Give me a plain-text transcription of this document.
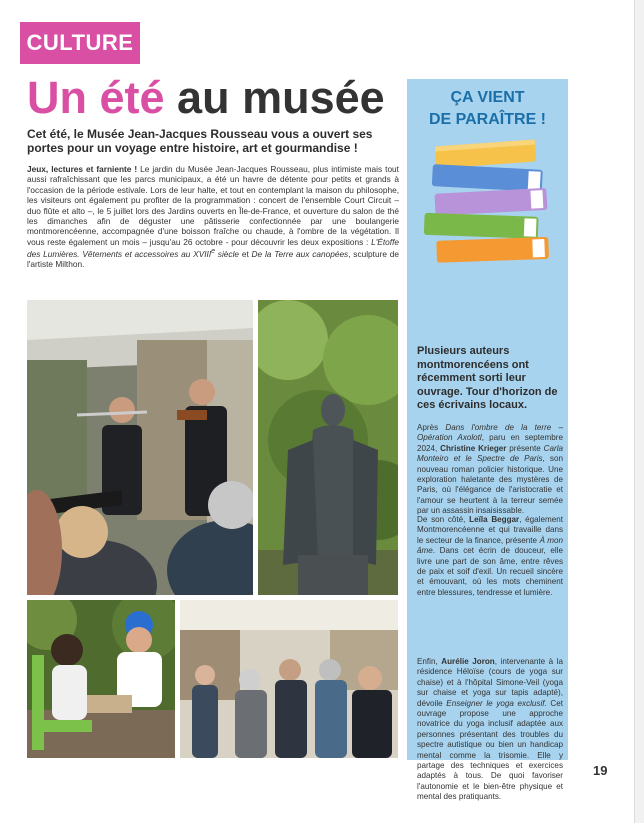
CULTURE
Un été au musée
Cet été, le Musée Jean-Jacques Rousseau vous a ouvert ses portes pour un voyage entre histoire, art et gourmandise !
Jeux, lectures et farniente ! Le jardin du Musée Jean-Jacques Rousseau, plus intimiste mais tout aussi rafraîchissant que les parcs municipaux, a été un havre de détente pour petits et grands à l'occasion de la période estivale. Lors de leur halte, et tout en contemplant la maison du philosophe, les visiteurs ont également pu profiter de la programmation : concert de l'ensemble Court Circuit – duo flûte et alto –, le 5 juillet lors des Jardins ouverts en Île-de-France, et ouverture du salon de thé les dimanches afin de déguster une pâtisserie confectionnée par une boulangerie montmorencéenne, accompagnée d'une boisson fraîche ou chaude, à l'ombre de la végétation. Il vous reste également un mois – jusqu'au 26 octobre - pour découvrir les deux expositions : L'Étoffe des Lumières. Vêtements et accessoires au XVIIIe siècle et De la Terre aux canopées, sculpture de l'artiste Milthon.
ÇA VIENT
DE PARAÎTRE !
Plusieurs auteurs montmorencéens ont récemment sorti leur ouvrage. Tour d'horizon de ces écrivains locaux.
Après Dans l'ombre de la terre – Opération Axolotl, paru en septembre 2024, Christine Krieger présente Carla Monteiro et le Spectre de Paris, son nouveau roman policier historique. Une exploration haletante des mystères de Paris, où l'élégance de l'aristocratie et l'amour se heurtent à la terreur semée par un assassin insaisissable.
De son côté, Leïla Beggar, également Montmorencéenne et qui travaille dans le secteur de la finance, présente À mon âme. Dans cet écrin de douceur, elle livre une part de son âme, entre rêves de paix et soif d'exil. Un recueil sincère et émouvant, où les mots cheminent entre blessures, tendresse et lumière.
Enfin, Aurélie Joron, intervenante à la résidence Héloïse (cours de yoga sur chaise) et à l'hôpital Simone-Veil (yoga sur chaise et yoga sur tapis adapté), dévoile Enseigner le yoga exclusif. Cet ouvrage propose une approche novatrice du yoga inclusif adaptée aux personnes présentant des troubles du spectre autistique ou bien un handicap mental comme la trisomie. Elle y partage des techniques et exercices adaptés à tous. De quoi favoriser l'autonomie et le bien-être physique et mental des pratiquants.
19
